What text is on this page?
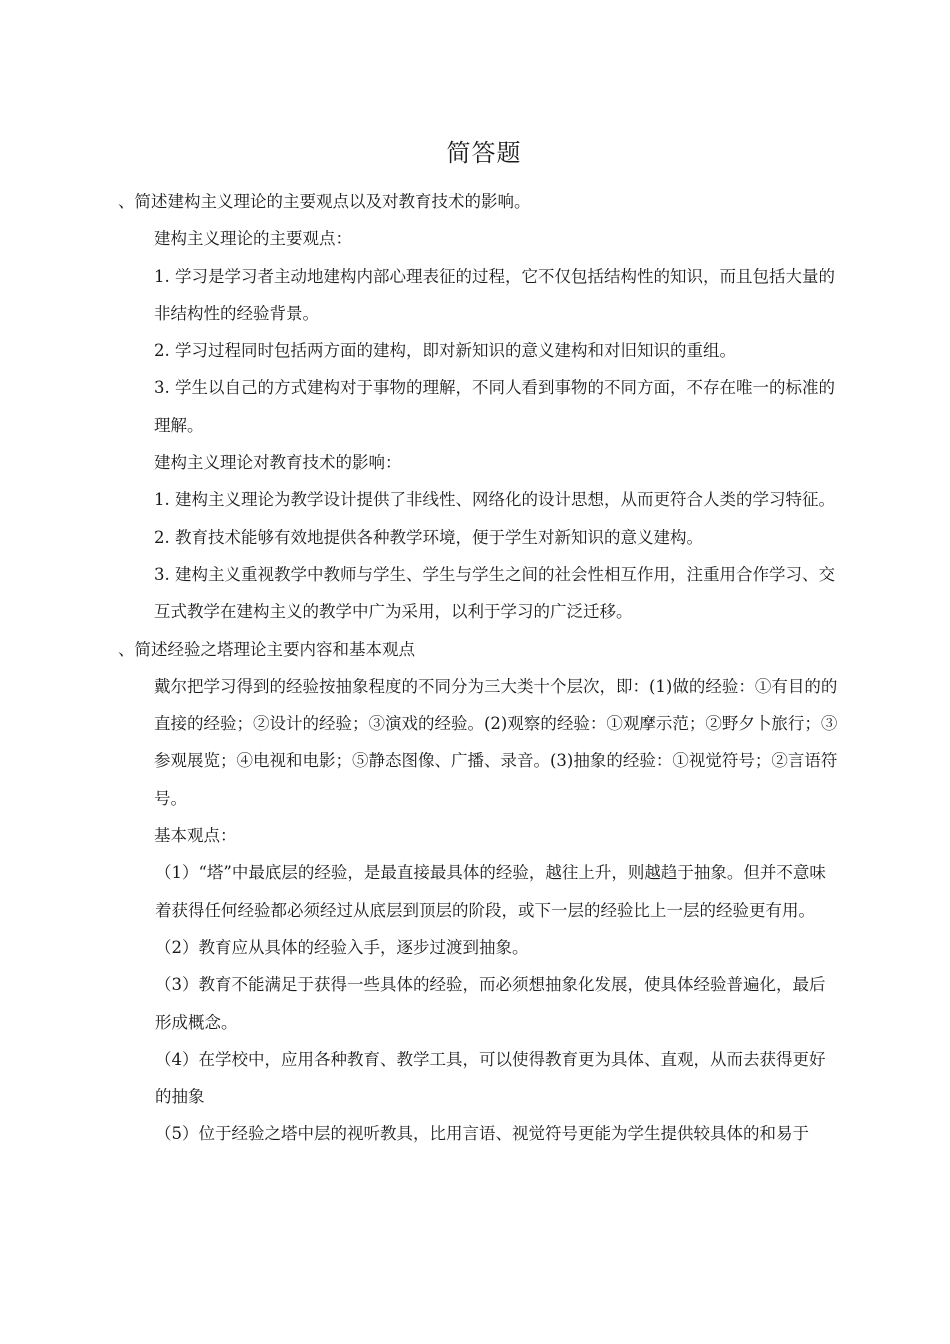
简答题

、简述建构主义理论的主要观点以及对教育技术的影响。

建构主义理论的主要观点：

1. 学习是学习者主动地建构内部心理表征的过程，它不仅包括结构性的知识，而且包括大量的非结构性的经验背景。

2. 学习过程同时包括两方面的建构，即对新知识的意义建构和对旧知识的重组。

3. 学生以自己的方式建构对于事物的理解，不同人看到事物的不同方面，不存在唯一的标准的理解。

建构主义理论对教育技术的影响：

1. 建构主义理论为教学设计提供了非线性、网络化的设计思想，从而更符合人类的学习特征。

2. 教育技术能够有效地提供各种教学环境，便于学生对新知识的意义建构。

3. 建构主义重视教学中教师与学生、学生与学生之间的社会性相互作用，注重用合作学习、交互式教学在建构主义的教学中广为采用，以利于学习的广泛迁移。

、简述经验之塔理论主要内容和基本观点

戴尔把学习得到的经验按抽象程度的不同分为三大类十个层次，即：(1)做的经验：①有目的的直接的经验；②设计的经验；③演戏的经验。(2)观察的经验：①观摩示范；②野夕卜旅行；③参观展览；④电视和电影；⑤静态图像、广播、录音。(3)抽象的经验：①视觉符号；②言语符号。

基本观点：

（1）“塔”中最底层的经验，是最直接最具体的经验，越往上升，则越趋于抽象。但并不意味着获得任何经验都必须经过从底层到顶层的阶段，或下一层的经验比上一层的经验更有用。

（2）教育应从具体的经验入手，逐步过渡到抽象。

（3）教育不能满足于获得一些具体的经验，而必须想抽象化发展，使具体经验普遍化，最后形成概念。

（4）在学校中，应用各种教育、教学工具，可以使得教育更为具体、直观，从而去获得更好的抽象

（5）位于经验之塔中层的视听教具，比用言语、视觉符号更能为学生提供较具体的和易于
